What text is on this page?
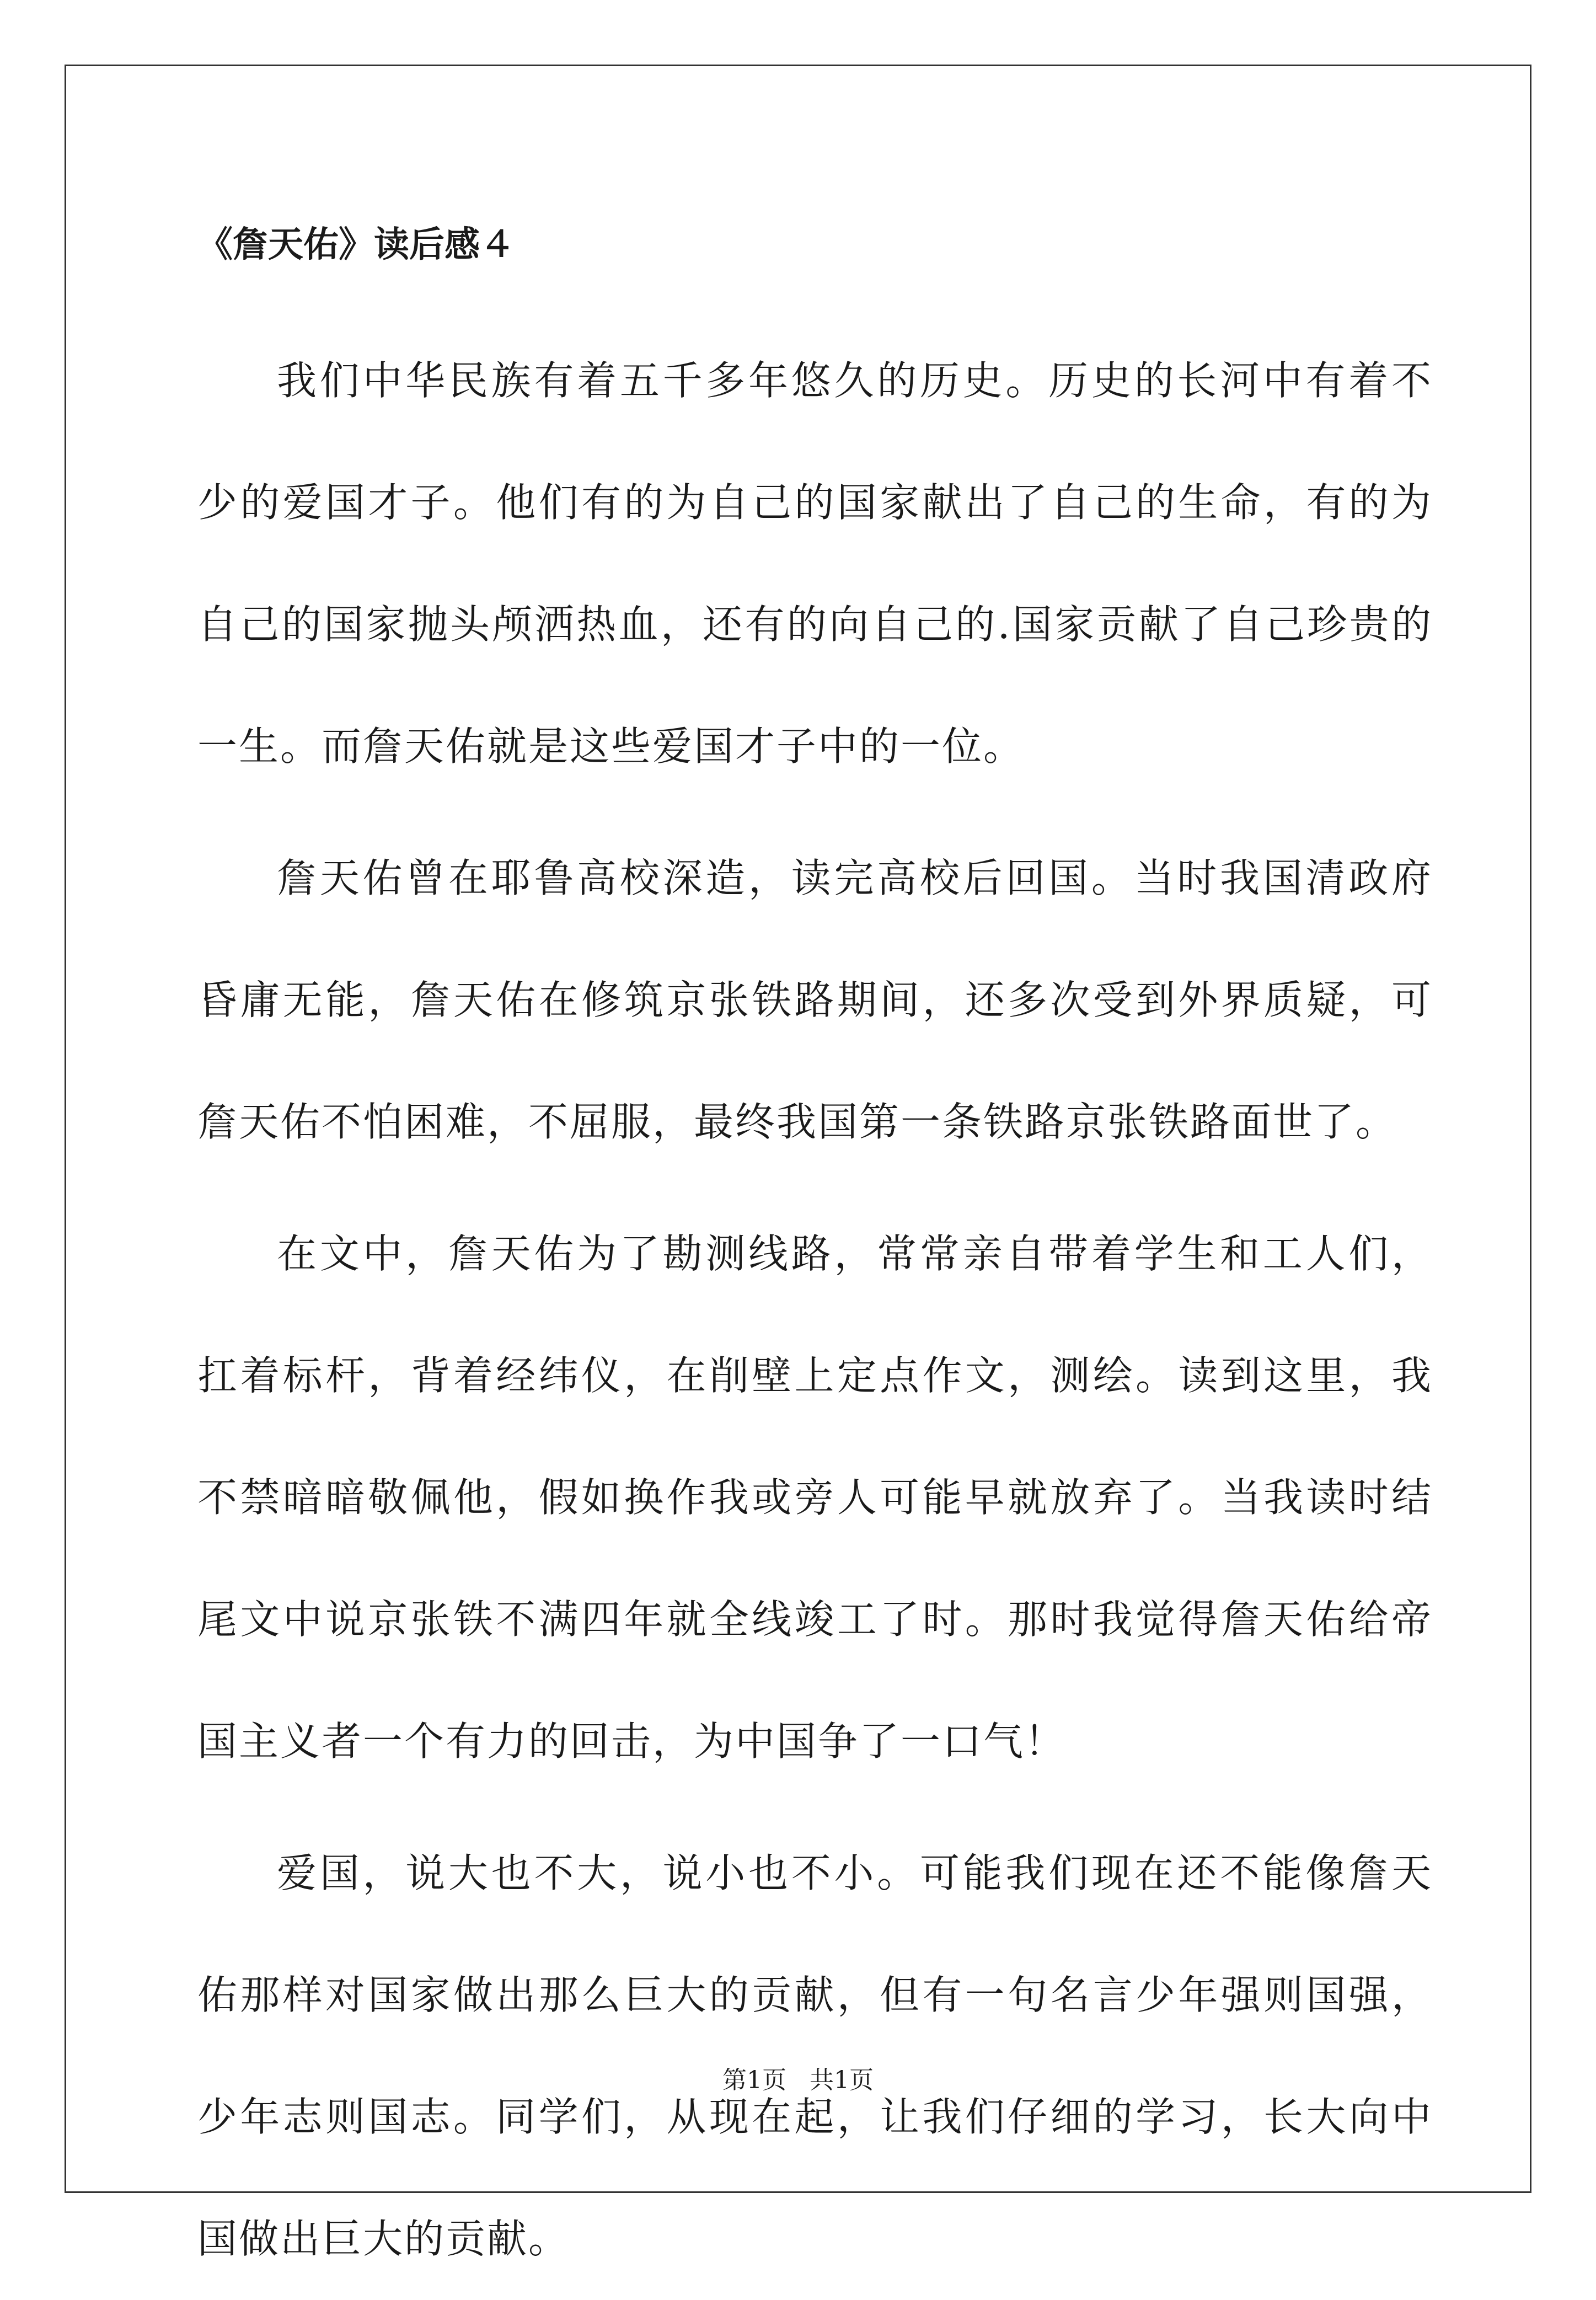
《詹天佑》读后感４

我们中华民族有着五千多年悠久的历史。历史的长河中有着不少的爱国才子。他们有的为自己的国家献出了自己的生命，有的为自己的国家抛头颅洒热血，还有的向自己的.国家贡献了自己珍贵的一生。而詹天佑就是这些爱国才子中的一位。

詹天佑曾在耶鲁高校深造，读完高校后回国。当时我国清政府昏庸无能，詹天佑在修筑京张铁路期间，还多次受到外界质疑，可詹天佑不怕困难，不屈服，最终我国第一条铁路京张铁路面世了。

在文中，詹天佑为了勘测线路，常常亲自带着学生和工人们，扛着标杆，背着经纬仪，在削壁上定点作文，测绘。读到这里，我不禁暗暗敬佩他，假如换作我或旁人可能早就放弃了。当我读时结尾文中说京张铁不满四年就全线竣工了时。那时我觉得詹天佑给帝国主义者一个有力的回击，为中国争了一口气！

爱国，说大也不大，说小也不小。可能我们现在还不能像詹天佑那样对国家做出那么巨大的贡献，但有一句名言少年强则国强，少年志则国志。同学们，从现在起，让我们仔细的学习，长大向中国做出巨大的贡献。

第1页   共1页
